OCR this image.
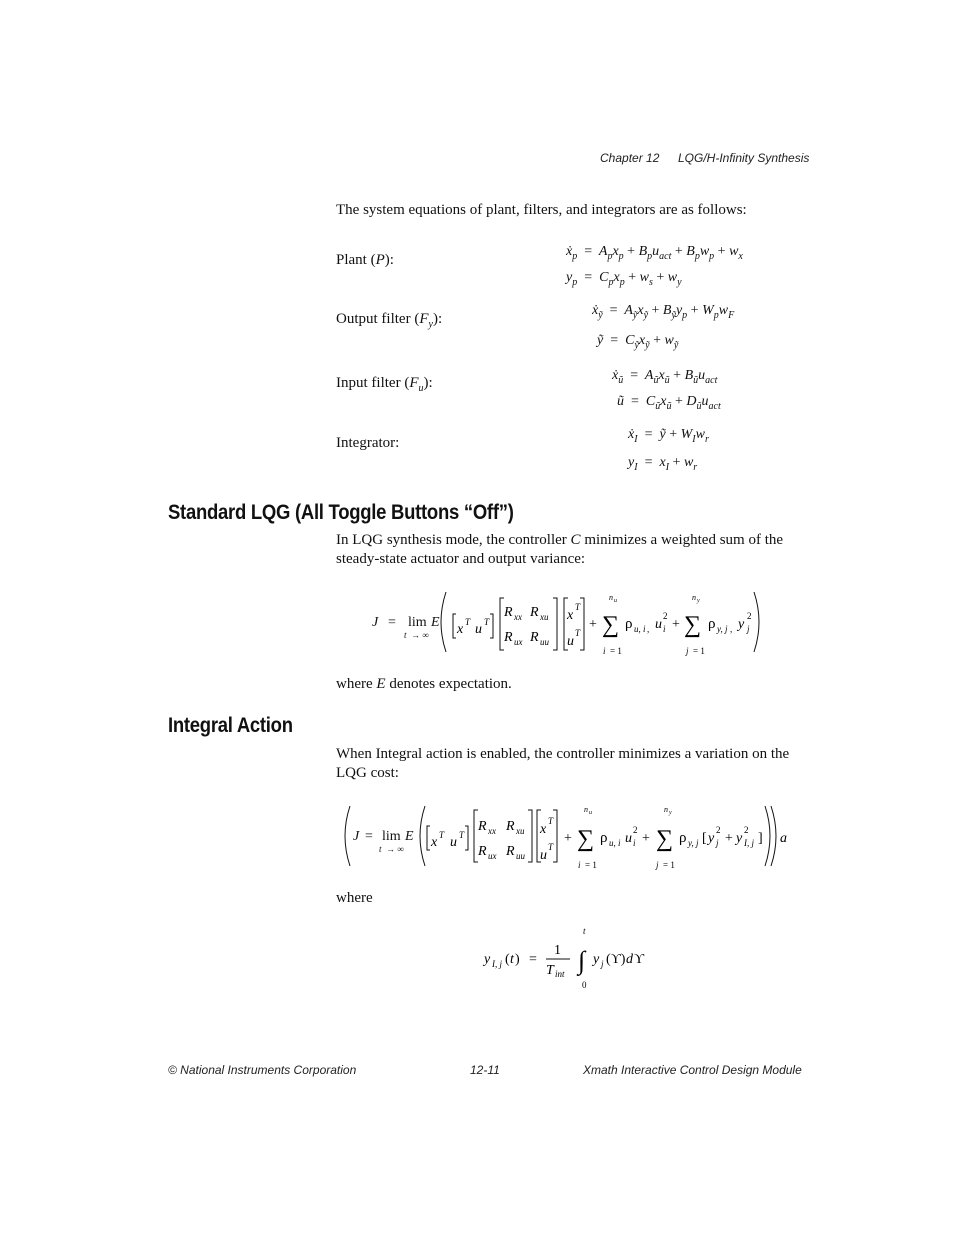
Chapter 12 LQG/H-Infinity Synthesis
The system equations of plant, filters, and integrators are as follows:
Plant (P):
Output filter $(F_y)$:
Input filter $(F_u)$:
Integrator:
ẋ$_p$ =  $A_px_p + B_pu_{act} + B_pw_p + w_x$
$y_p = C_px_p + w_s + w_y$
ẋ$_ỹ$ =  $A_ỹx_ỹ + B_ỹy_p + W_pw_F$
ỹ  =  $C_ỹx_ỹ + w_ỹ$
ẋ$_ũ$ =  $A_ũx_ũ + B_ũu_{act}$
ũ  =  $C_ũx_ũ + D_ũu_{act}$
ẋ$_I$ =  ỹ + $W_Iw_r$
$y_I = x_I + w_r$
Standard LQG (All Toggle Buttons “Off”)
In LQG synthesis mode, the controller C minimizes a weighted sum of the steady-state actuator and output variance:
J = lim E
t → ∞ x T u T
R xx R xu
R ux R uu
x
T
u
T
+ ∑
n u
i = 1
ρ u, i , u
2
i + ∑
n y
j = 1
ρ y, j , y
2
j
where E denotes expectation.
Integral Action
When Integral action is enabled, the controller minimizes a variation on the LQG cost:
J = lim E
t → ∞ x T u T
R xx R xu
R ux R uu
x
T
u
T
+ ∑
n u
i = 1
ρ u, i u
2
i + ∑
n y
j = 1
ρ y, j [ y
2
j + y
2
I, j ] a
where
y I, j ( t ) =
1
T int ∫
t
0
y j (ϒ) d ϒ
© National Instruments Corporation	12-11	Xmath Interactive Control Design Module
